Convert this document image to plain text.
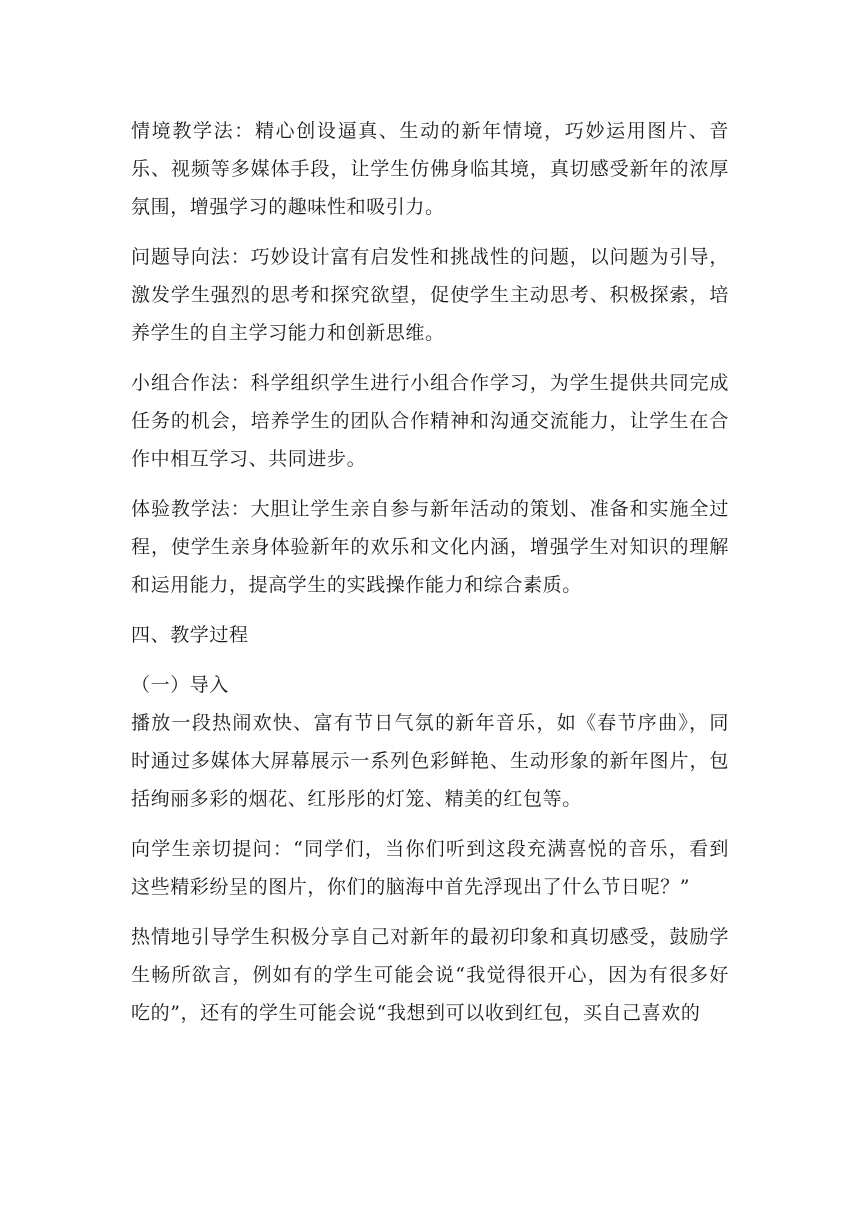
情境教学法：精心创设逼真、生动的新年情境，巧妙运用图片、音乐、视频等多媒体手段，让学生仿佛身临其境，真切感受新年的浓厚氛围，增强学习的趣味性和吸引力。

问题导向法：巧妙设计富有启发性和挑战性的问题，以问题为引导，激发学生强烈的思考和探究欲望，促使学生主动思考、积极探索，培养学生的自主学习能力和创新思维。

小组合作法：科学组织学生进行小组合作学习，为学生提供共同完成任务的机会，培养学生的团队合作精神和沟通交流能力，让学生在合作中相互学习、共同进步。

体验教学法：大胆让学生亲自参与新年活动的策划、准备和实施全过程，使学生亲身体验新年的欢乐和文化内涵，增强学生对知识的理解和运用能力，提高学生的实践操作能力和综合素质。

四、教学过程

（一）导入

播放一段热闹欢快、富有节日气氛的新年音乐，如《春节序曲》，同时通过多媒体大屏幕展示一系列色彩鲜艳、生动形象的新年图片，包括绚丽多彩的烟花、红彤彤的灯笼、精美的红包等。

向学生亲切提问：“同学们，当你们听到这段充满喜悦的音乐，看到这些精彩纷呈的图片，你们的脑海中首先浮现出了什么节日呢？”

热情地引导学生积极分享自己对新年的最初印象和真切感受，鼓励学生畅所欲言，例如有的学生可能会说“我觉得很开心，因为有很多好吃的”，还有的学生可能会说“我想到可以收到红包，买自己喜欢的
